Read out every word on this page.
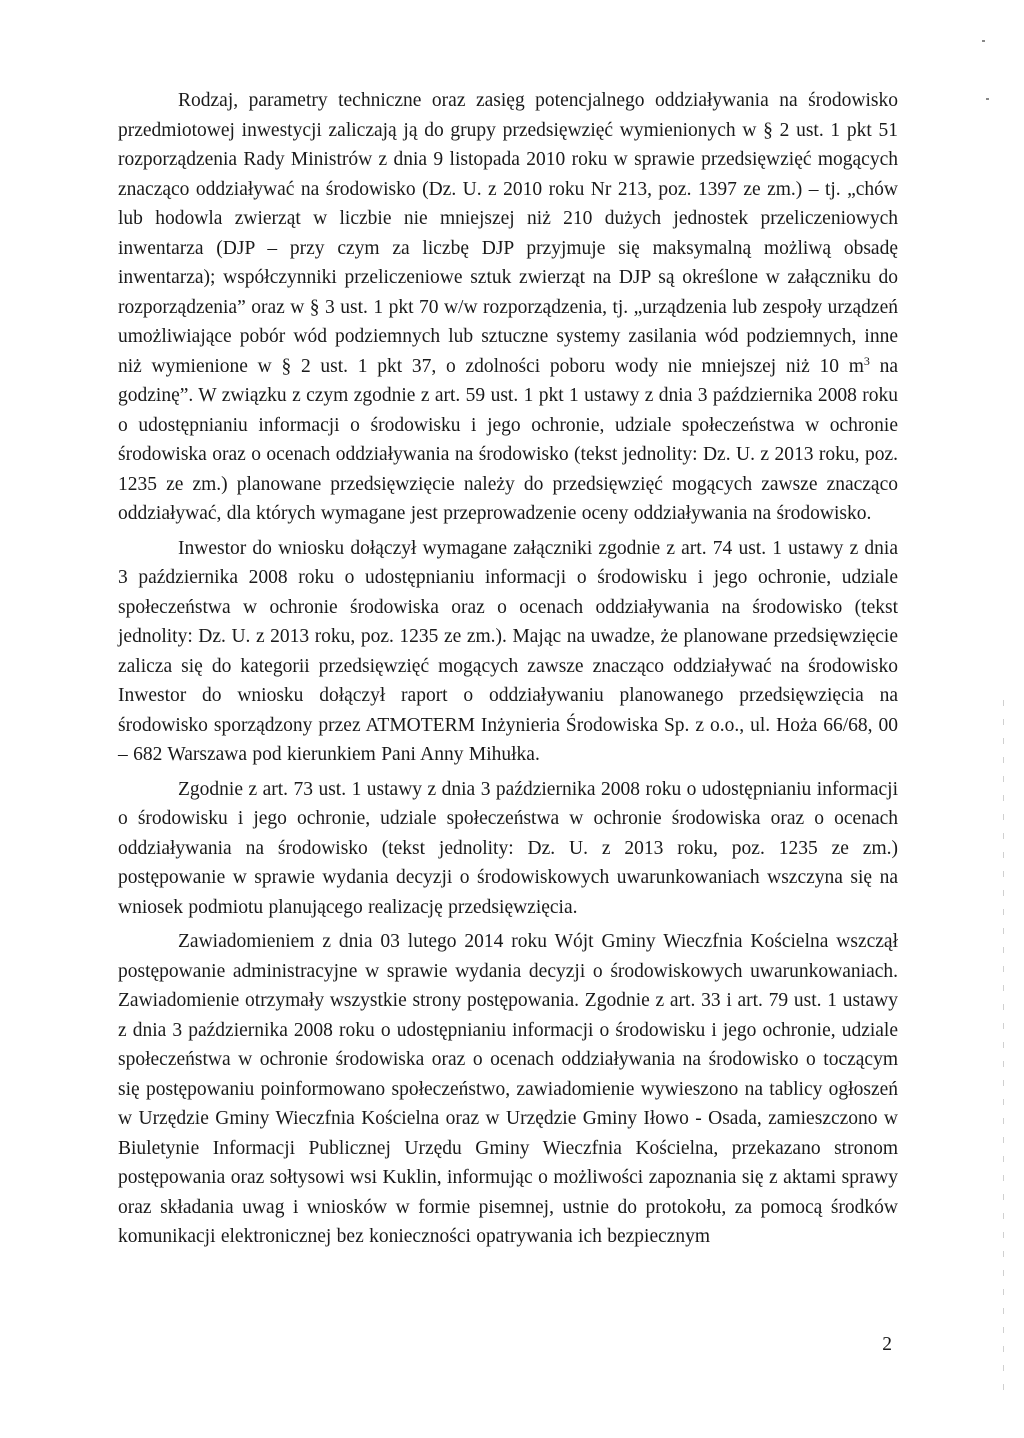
Rodzaj, parametry techniczne oraz zasięg potencjalnego oddziaływania na środowisko przedmiotowej inwestycji zaliczają ją do grupy przedsięwzięć wymienionych w § 2 ust. 1 pkt 51 rozporządzenia Rady Ministrów z dnia 9 listopada 2010 roku w sprawie przedsięwzięć mogących znacząco oddziaływać na środowisko (Dz. U. z 2010 roku Nr 213, poz. 1397 ze zm.) – tj. „chów lub hodowla zwierząt w liczbie nie mniejszej niż 210 dużych jednostek przeliczeniowych inwentarza (DJP – przy czym za liczbę DJP przyjmuje się maksymalną możliwą obsadę inwentarza); współczynniki przeliczeniowe sztuk zwierząt na DJP są określone w załączniku do rozporządzenia” oraz w § 3 ust. 1 pkt 70 w/w rozporządzenia, tj. „urządzenia lub zespoły urządzeń umożliwiające pobór wód podziemnych lub sztuczne systemy zasilania wód podziemnych, inne niż wymienione w § 2 ust. 1 pkt 37, o zdolności poboru wody nie mniejszej niż 10 $m^3$ na godzinę”. W związku z czym zgodnie z art. 59 ust. 1 pkt 1 ustawy z dnia 3 października 2008 roku o udostępnianiu informacji o środowisku i jego ochronie, udziale społeczeństwa w ochronie środowiska oraz o ocenach oddziaływania na środowisko (tekst jednolity: Dz. U. z 2013 roku, poz. 1235 ze zm.) planowane przedsięwzięcie należy do przedsięwzięć mogących zawsze znacząco oddziaływać, dla których wymagane jest przeprowadzenie oceny oddziaływania na środowisko.

Inwestor do wniosku dołączył wymagane załączniki zgodnie z art. 74 ust. 1 ustawy z dnia 3 października 2008 roku o udostępnianiu informacji o środowisku i jego ochronie, udziale społeczeństwa w ochronie środowiska oraz o ocenach oddziaływania na środowisko (tekst jednolity: Dz. U. z 2013 roku, poz. 1235 ze zm.). Mając na uwadze, że planowane przedsięwzięcie zalicza się do kategorii przedsięwzięć mogących zawsze znacząco oddziaływać na środowisko Inwestor do wniosku dołączył raport o oddziaływaniu planowanego przedsięwzięcia na środowisko sporządzony przez ATMOTERM Inżynieria Środowiska Sp. z o.o., ul. Hoża 66/68, 00 – 682 Warszawa pod kierunkiem Pani Anny Mihułka.

Zgodnie z art. 73 ust. 1 ustawy z dnia 3 października 2008 roku o udostępnianiu informacji o środowisku i jego ochronie, udziale społeczeństwa w ochronie środowiska oraz o ocenach oddziaływania na środowisko (tekst jednolity: Dz. U. z 2013 roku, poz. 1235 ze zm.) postępowanie w sprawie wydania decyzji o środowiskowych uwarunkowaniach wszczyna się na wniosek podmiotu planującego realizację przedsięwzięcia.

Zawiadomieniem z dnia 03 lutego 2014 roku Wójt Gminy Wieczfnia Kościelna wszczął postępowanie administracyjne w sprawie wydania decyzji o środowiskowych uwarunkowaniach. Zawiadomienie otrzymały wszystkie strony postępowania. Zgodnie z art. 33 i art. 79 ust. 1 ustawy z dnia 3 października 2008 roku o udostępnianiu informacji o środowisku i jego ochronie, udziale społeczeństwa w ochronie środowiska oraz o ocenach oddziaływania na środowisko o toczącym się postępowaniu poinformowano społeczeństwo, zawiadomienie wywieszono na tablicy ogłoszeń w Urzędzie Gminy Wieczfnia Kościelna oraz w Urzędzie Gminy Iłowo - Osada, zamieszczono w Biuletynie Informacji Publicznej Urzędu Gminy Wieczfnia Kościelna, przekazano stronom postępowania oraz sołtysowi wsi Kuklin, informując o możliwości zapoznania się z aktami sprawy oraz składania uwag i wniosków w formie pisemnej, ustnie do protokołu, za pomocą środków komunikacji elektronicznej bez konieczności opatrywania ich bezpiecznym

2
